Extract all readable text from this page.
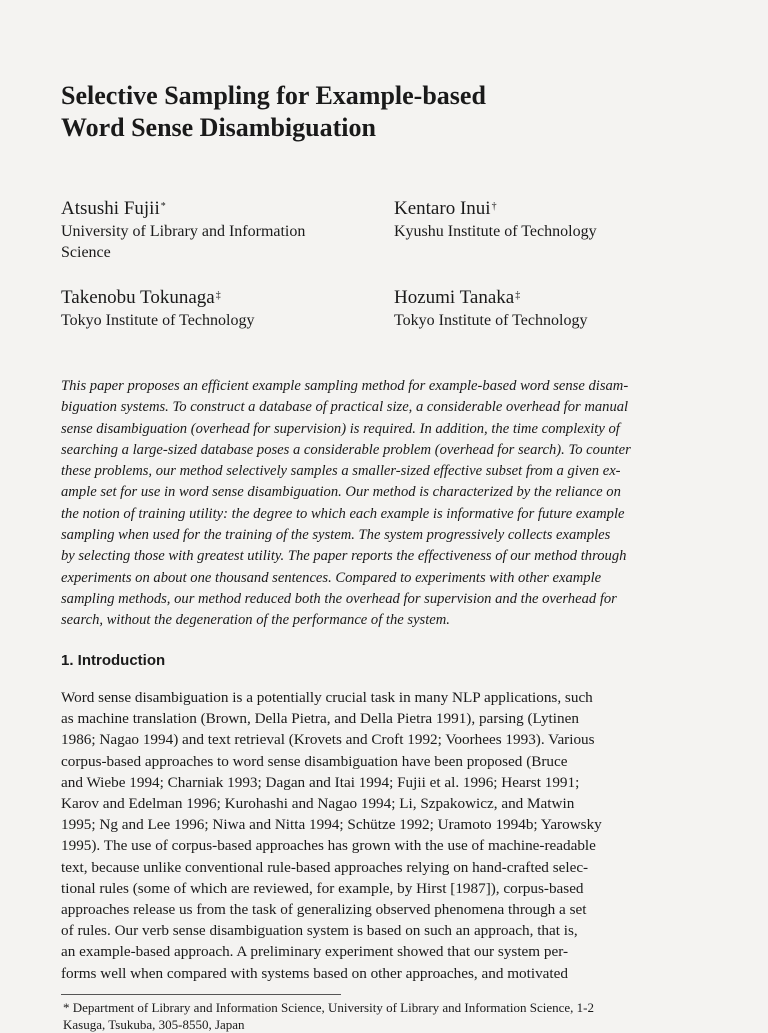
Selective Sampling for Example-based
Word Sense Disambiguation
Atsushi Fujii*
University of Library and Information
Science
Kentaro Inui†
Kyushu Institute of Technology
Takenobu Tokunaga‡
Tokyo Institute of Technology
Hozumi Tanaka‡
Tokyo Institute of Technology
This paper proposes an efficient example sampling method for example-based word sense disam-
biguation systems. To construct a database of practical size, a considerable overhead for manual
sense disambiguation (overhead for supervision) is required. In addition, the time complexity of
searching a large-sized database poses a considerable problem (overhead for search). To counter
these problems, our method selectively samples a smaller-sized effective subset from a given ex-
ample set for use in word sense disambiguation. Our method is characterized by the reliance on
the notion of training utility: the degree to which each example is informative for future example
sampling when used for the training of the system. The system progressively collects examples
by selecting those with greatest utility. The paper reports the effectiveness of our method through
experiments on about one thousand sentences. Compared to experiments with other example
sampling methods, our method reduced both the overhead for supervision and the overhead for
search, without the degeneration of the performance of the system.
1. Introduction
Word sense disambiguation is a potentially crucial task in many NLP applications, such
as machine translation (Brown, Della Pietra, and Della Pietra 1991), parsing (Lytinen
1986; Nagao 1994) and text retrieval (Krovets and Croft 1992; Voorhees 1993). Various
corpus-based approaches to word sense disambiguation have been proposed (Bruce
and Wiebe 1994; Charniak 1993; Dagan and Itai 1994; Fujii et al. 1996; Hearst 1991;
Karov and Edelman 1996; Kurohashi and Nagao 1994; Li, Szpakowicz, and Matwin
1995; Ng and Lee 1996; Niwa and Nitta 1994; Schütze 1992; Uramoto 1994b; Yarowsky
1995). The use of corpus-based approaches has grown with the use of machine-readable
text, because unlike conventional rule-based approaches relying on hand-crafted selec-
tional rules (some of which are reviewed, for example, by Hirst [1987]), corpus-based
approaches release us from the task of generalizing observed phenomena through a set
of rules. Our verb sense disambiguation system is based on such an approach, that is,
an example-based approach. A preliminary experiment showed that our system per-
forms well when compared with systems based on other approaches, and motivated
* Department of Library and Information Science, University of Library and Information Science, 1-2
Kasuga, Tsukuba, 305-8550, Japan
